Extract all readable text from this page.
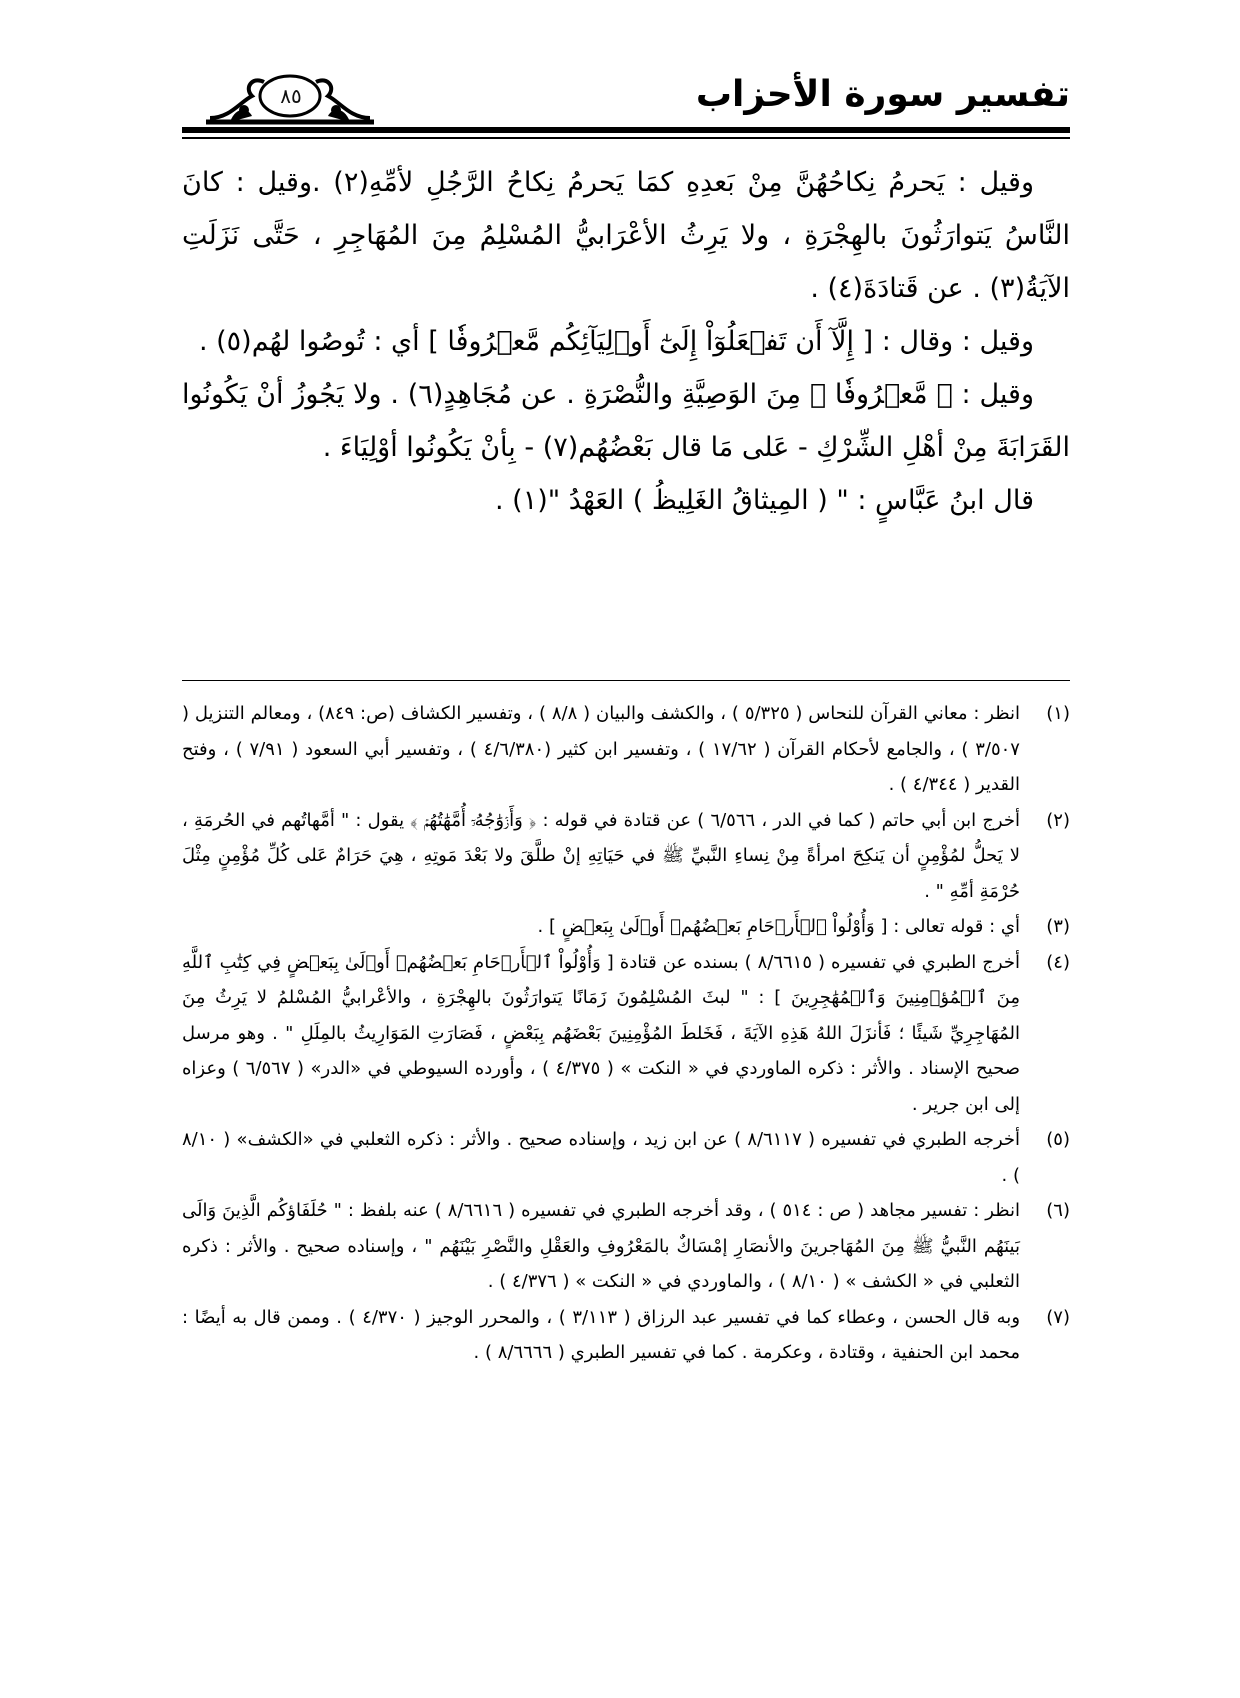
تفسير سورة الأحزاب
٨٥

وقيل : يَحرمُ نِكاحُهُنَّ مِنْ بَعدِهِ كمَا يَحرمُ نِكاحُ الرَّجُلِ لأمِّهِ(٢) .وقيل : كانَ النَّاسُ يَتوارَثُونَ بالهِجْرَةِ ، ولا يَرِثُ الأعْرَابيُّ المُسْلِمُ مِنَ المُهَاجِرِ ، حَتَّى نَزَلَتِ الآيَةُ(٣) . عن قَتادَةَ(٤) .

وقيل : وقال : [ إِلَّآ أَن تَفۡعَلُوٓاْ إِلَىٰٓ أَوۡلِيَآئِكُم مَّعۡرُوفٗا ] أي : تُوصُوا لهُم(٥) .

وقيل : ﴿ مَّعۡرُوفٗا ﴾ مِنَ الوَصِيَّةِ والنُّصْرَةِ . عن مُجَاهِدٍ(٦) . ولا يَجُوزُ أنْ يَكُونُوا القَرَابَةَ مِنْ أهْلِ الشِّرْكِ - عَلى مَا قال بَعْضُهُم(٧) - بِأنْ يَكُونُوا أوْلِيَاءَ .

قال ابنُ عَبَّاسٍ : " ( المِيثاقُ الغَلِيظُ ) العَهْدُ "(١) .

(١)
انظر : معاني القرآن للنحاس ( ٥/٣٢٥ ) ، والكشف والبيان ( ٨/٨ ) ، وتفسير الكشاف (ص: ٨٤٩) ، ومعالم التنزيل ( ٣/٥٠٧ ) ، والجامع لأحكام القرآن ( ١٧/٦٢ ) ، وتفسير ابن كثير (٤/٦/٣٨٠ ) ، وتفسير أبي السعود ( ٧/٩١ ) ، وفتح القدير ( ٤/٣٤٤ ) .
(٢)
أخرج ابن أبي حاتم ( كما في الدر ، ٦/٥٦٦ ) عن قتادة في قوله : ﴿ وَأَزۡوَٰجُهُۥٓ أُمَّهَٰتُهُمۡ ﴾ يقول : " أمَّهاتُهم في الحُرمَةِ ، لا يَحلُّ لمُؤْمِنٍ أن يَنكِحَ امرأةً مِنْ نِساءِ النَّبيِّ ﷺ في حَيَاتِهِ إنْ طلَّقَ ولا بَعْدَ مَوتِهِ ، هِيَ حَرَامٌ عَلى كُلِّ مُؤْمِنٍ مِثْلَ حُرْمَةِ أمِّهِ " .
(٣)
أي : قوله تعالى : [ وَأُوْلُواْ ٱلۡأَرۡحَامِ بَعۡضُهُمۡ أَوۡلَىٰ بِبَعۡضٍ ] .
(٤)
أخرج الطبري في تفسيره ( ٨/٦٦١٥ ) بسنده عن قتادة [ وَأُوْلُواْ ٱلۡأَرۡحَامِ بَعۡضُهُمۡ أَوۡلَىٰ بِبَعۡضٍ فِي كِتَٰبِ ٱللَّهِ مِنَ ٱلۡمُؤۡمِنِينَ وَٱلۡمُهَٰجِرِينَ ] : " لبثَ المُسْلِمُونَ زَمَانًا يَتوارَثُونَ بالهِجْرَةِ ، والأعْرابيُّ المُسْلمُ لا يَرِثُ مِنَ المُهَاجِرِيِّ شَيئًا ؛ فَأنزَلَ اللهُ هَذِهِ الآيَةَ ، فَخَلطَ المُؤْمِنِينَ بَعْضَهُم بِبَعْضٍ ، فَصَارَتِ المَوَارِيثُ بالمِلَلِ " . وهو مرسل صحيح الإسناد . والأثر : ذكره الماوردي في « النكت » ( ٤/٣٧٥ ) ، وأورده السيوطي في «الدر» ( ٦/٥٦٧ ) وعزاه إلى ابن جرير .
(٥)
أخرجه الطبري في تفسيره ( ٨/٦١١٧ ) عن ابن زيد ، وإسناده صحيح . والأثر : ذكره الثعلبي في «الكشف» ( ٨/١٠ ) .
(٦)
انظر : تفسير مجاهد ( ص : ٥١٤ ) ، وقد أخرجه الطبري في تفسيره ( ٨/٦٦١٦ ) عنه بلفظ : " حُلَفَاؤكُم الَّذِينَ وَالَى بَينَهُم النَّبيُّ ﷺ مِنَ المُهَاجرينَ والأنصَارِ إمْسَاكٌ بالمَعْرُوفِ والعَقْلِ والنَّصْرِ بَيْنَهُم " ، وإسناده صحيح . والأثر : ذكره الثعلبي في « الكشف » ( ٨/١٠ ) ، والماوردي في « النكت » ( ٤/٣٧٦ ) .
(٧)
وبه قال الحسن ، وعطاء كما في تفسير عبد الرزاق ( ٣/١١٣ ) ، والمحرر الوجيز ( ٤/٣٧٠ ) . وممن قال به أيضًا : محمد ابن الحنفية ، وقتادة ، وعكرمة . كما في تفسير الطبري ( ٨/٦٦٦٦ ) .
